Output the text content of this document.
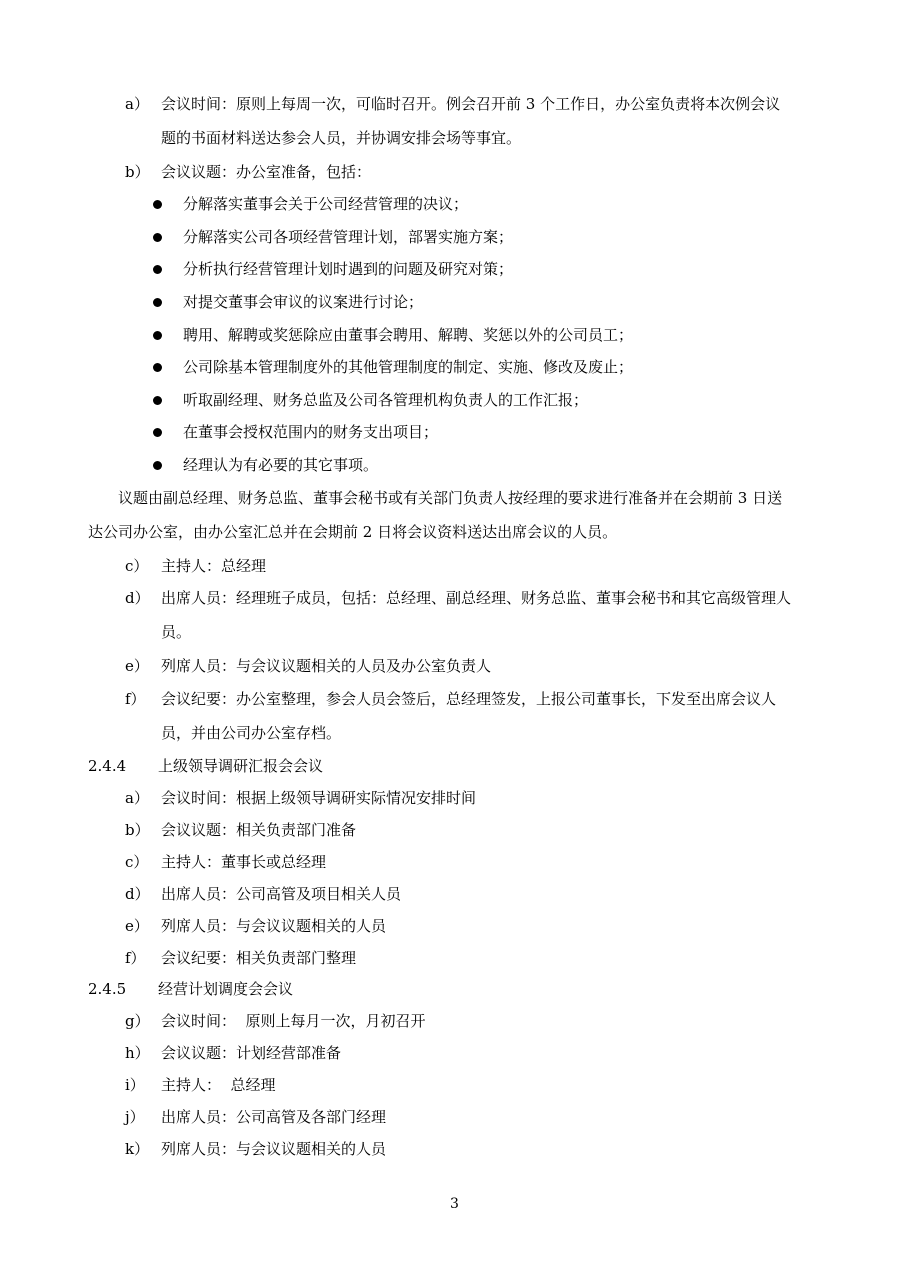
a） 会议时间：原则上每周一次，可临时召开。例会召开前 3 个工作日，办公室负责将本次例会议
题的书面材料送达参会人员，并协调安排会场等事宜。
b） 会议议题：办公室准备，包括：
分解落实董事会关于公司经营管理的决议；
分解落实公司各项经营管理计划，部署实施方案；
分析执行经营管理计划时遇到的问题及研究对策；
对提交董事会审议的议案进行讨论；
聘用、解聘或奖惩除应由董事会聘用、解聘、奖惩以外的公司员工；
公司除基本管理制度外的其他管理制度的制定、实施、修改及废止；
听取副经理、财务总监及公司各管理机构负责人的工作汇报；
在董事会授权范围内的财务支出项目；
经理认为有必要的其它事项。
议题由副总经理、财务总监、董事会秘书或有关部门负责人按经理的要求进行准备并在会期前 3 日送
达公司办公室，由办公室汇总并在会期前 2 日将会议资料送达出席会议的人员。
c） 主持人：总经理
d） 出席人员：经理班子成员，包括：总经理、副总经理、财务总监、董事会秘书和其它高级管理人
员。
e） 列席人员：与会议议题相关的人员及办公室负责人
f） 会议纪要：办公室整理，参会人员会签后，总经理签发，上报公司董事长，下发至出席会议人
员，并由公司办公室存档。
2.4.4 上级领导调研汇报会会议
a） 会议时间：根据上级领导调研实际情况安排时间
b） 会议议题：相关负责部门准备
c） 主持人：董事长或总经理
d） 出席人员：公司高管及项目相关人员
e） 列席人员：与会议议题相关的人员
f） 会议纪要：相关负责部门整理
2.4.5 经营计划调度会会议
g） 会议时间：  原则上每月一次，月初召开
h） 会议议题：计划经营部准备
i） 主持人：  总经理
j） 出席人员：公司高管及各部门经理
k） 列席人员：与会议议题相关的人员
3
